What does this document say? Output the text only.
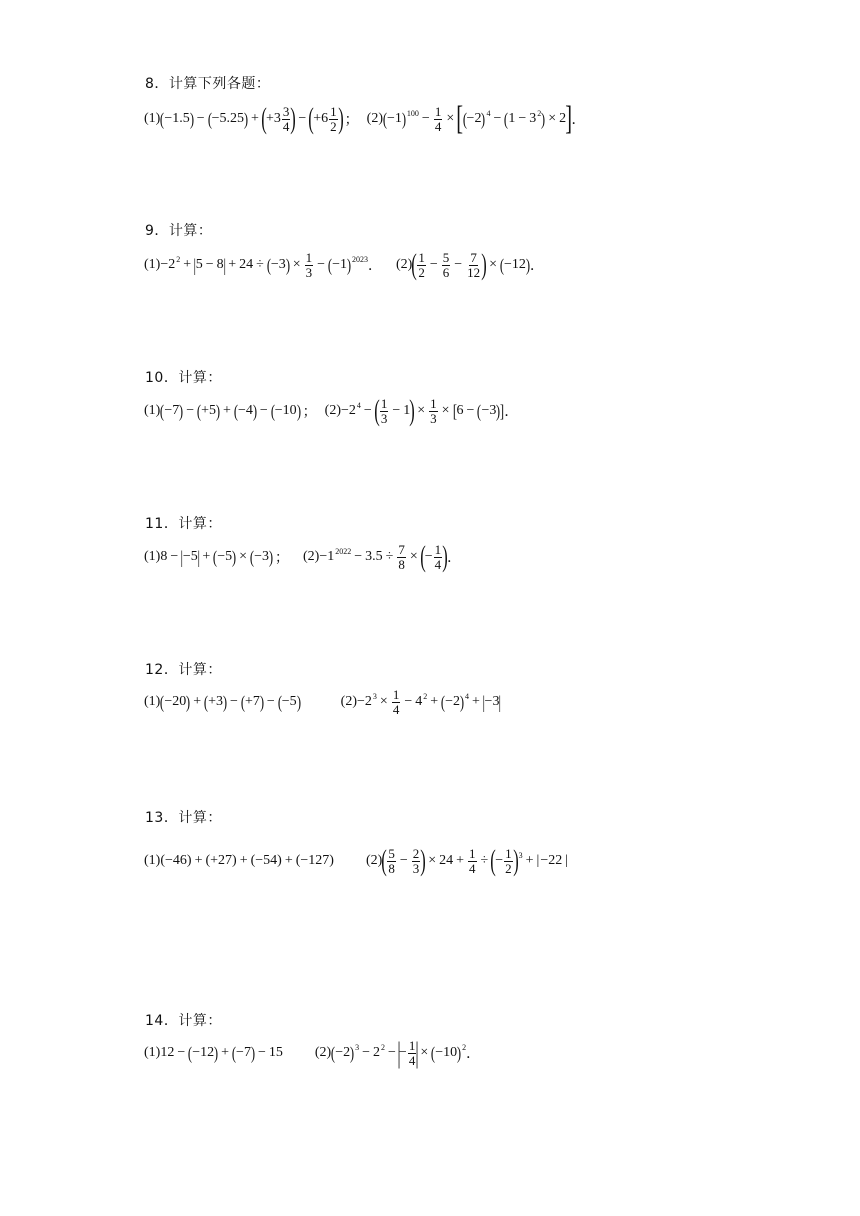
8．计算下列各题：
(1) ( −1.5 ) − ( −5.25 ) + ( $+3 \frac{3}{4}$ ) − ( $+6 \frac{1}{2}$ ) ； (2) ( −1 )$^{100} - \frac{1}{4}$ × [ ( −2 )$^4$ − ( $1 - 3^2$ ) × 2 ] ．
9．计算：
$(1) -2^2$ + | 5 − 8 | + 24 ÷ ( −3 ) × $\frac{1}{3}$ − ( −1 )$^{2023}$ ． (2) ( $\frac{1}{2} - \frac{5}{6} - \frac{7}{12}$ ) × ( −12 ) ．
10．计算：
(1) ( −7 ) − ( +5 ) + ( −4 ) − ( −10 ) ； $(2) -2^4$ − ( $\frac{1}{3} - 1$ ) × $\frac{1}{3}$ × [ 6 − ( −3 ) ] ．
11．计算：
(1) 8 − | −5 | + ( −5 ) × ( −3 ) ； $(2) -1^{2022} - 3.5 \div \frac{7}{8}$ × ( − $\frac{1}{4}$ ) ．
12．计算：
(1) ( −20 ) + ( +3 ) − ( +7 ) − ( −5 )	$(2) -2^3 \times \frac{1}{4} - 4^2$ + ( −2 )$^4$ + | −3 |
13．计算：
(1) (−46) + (+27) + (−54) + (−127) (2) ( $\frac{5}{8} - \frac{2}{3}$ ) × $24 + \frac{1}{4}$ ÷ ( − $\frac{1}{2} )^3$ + | −22 |
14．计算：
(1) 12 − ( −12 ) + ( −7 ) − 15 (2) ( −2 )$^3 - 2^2$ − |
− $\frac{1}{4}$ | × ( −10 )$^2$ ．
